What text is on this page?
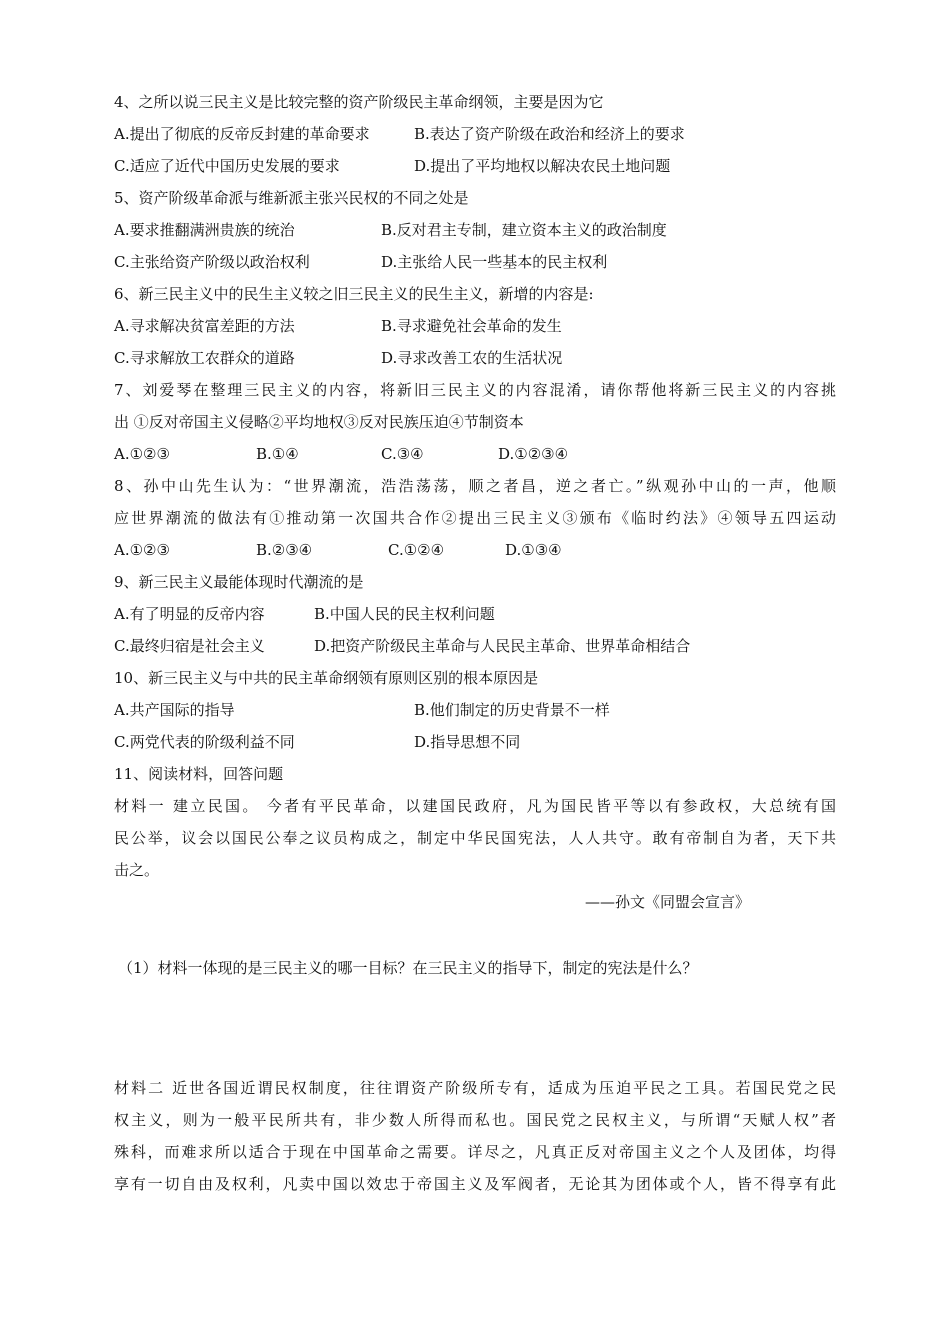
4、之所以说三民主义是比较完整的资产阶级民主革命纲领，主要是因为它
A.提出了彻底的反帝反封建的革命要求	B.表达了资产阶级在政治和经济上的要求
C.适应了近代中国历史发展的要求	D.提出了平均地权以解决农民土地问题
5、资产阶级革命派与维新派主张兴民权的不同之处是
A.要求推翻满洲贵族的统治	B.反对君主专制，建立资本主义的政治制度
C.主张给资产阶级以政治权利	D.主张给人民一些基本的民主权利
6、新三民主义中的民生主义较之旧三民主义的民生主义，新增的内容是:
A.寻求解决贫富差距的方法	B.寻求避免社会革命的发生
C.寻求解放工农群众的道路	D.寻求改善工农的生活状况
7、刘爱琴在整理三民主义的内容，将新旧三民主义的内容混淆，请你帮他将新三民主义的内容挑
出 ①反对帝国主义侵略②平均地权③反对民族压迫④节制资本
A.①②③	B.①④	C.③④	D.①②③④
8、孙中山先生认为：“世界潮流，浩浩荡荡，顺之者昌，逆之者亡。”纵观孙中山的一声，他顺
应世界潮流的做法有①推动第一次国共合作②提出三民主义③颁布《临时约法》④领导五四运动
A.①②③	B.②③④	C.①②④	D.①③④
9、新三民主义最能体现时代潮流的是
A.有了明显的反帝内容	B.中国人民的民主权利问题
C.最终归宿是社会主义	D.把资产阶级民主革命与人民民主革命、世界革命相结合
10、新三民主义与中共的民主革命纲领有原则区别的根本原因是
A.共产国际的指导	B.他们制定的历史背景不一样
C.两党代表的阶级利益不同	D.指导思想不同
11、阅读材料，回答问题
材料一 建立民国。 今者有平民革命，以建国民政府，凡为国民皆平等以有参政权，大总统有国
民公举，议会以国民公奉之议员构成之，制定中华民国宪法，人人共守。敢有帝制自为者，天下共
击之。
——孙文《同盟会宣言》
（1）材料一体现的是三民主义的哪一目标？在三民主义的指导下，制定的宪法是什么？
材料二 近世各国近谓民权制度，往往谓资产阶级所专有，适成为压迫平民之工具。若国民党之民
权主义，则为一般平民所共有，非少数人所得而私也。国民党之民权主义，与所谓“天赋人权”者
殊科，而难求所以适合于现在中国革命之需要。详尽之，凡真正反对帝国主义之个人及团体，均得
享有一切自由及权利，凡卖中国以效忠于帝国主义及军阀者，无论其为团体或个人，皆不得享有此
